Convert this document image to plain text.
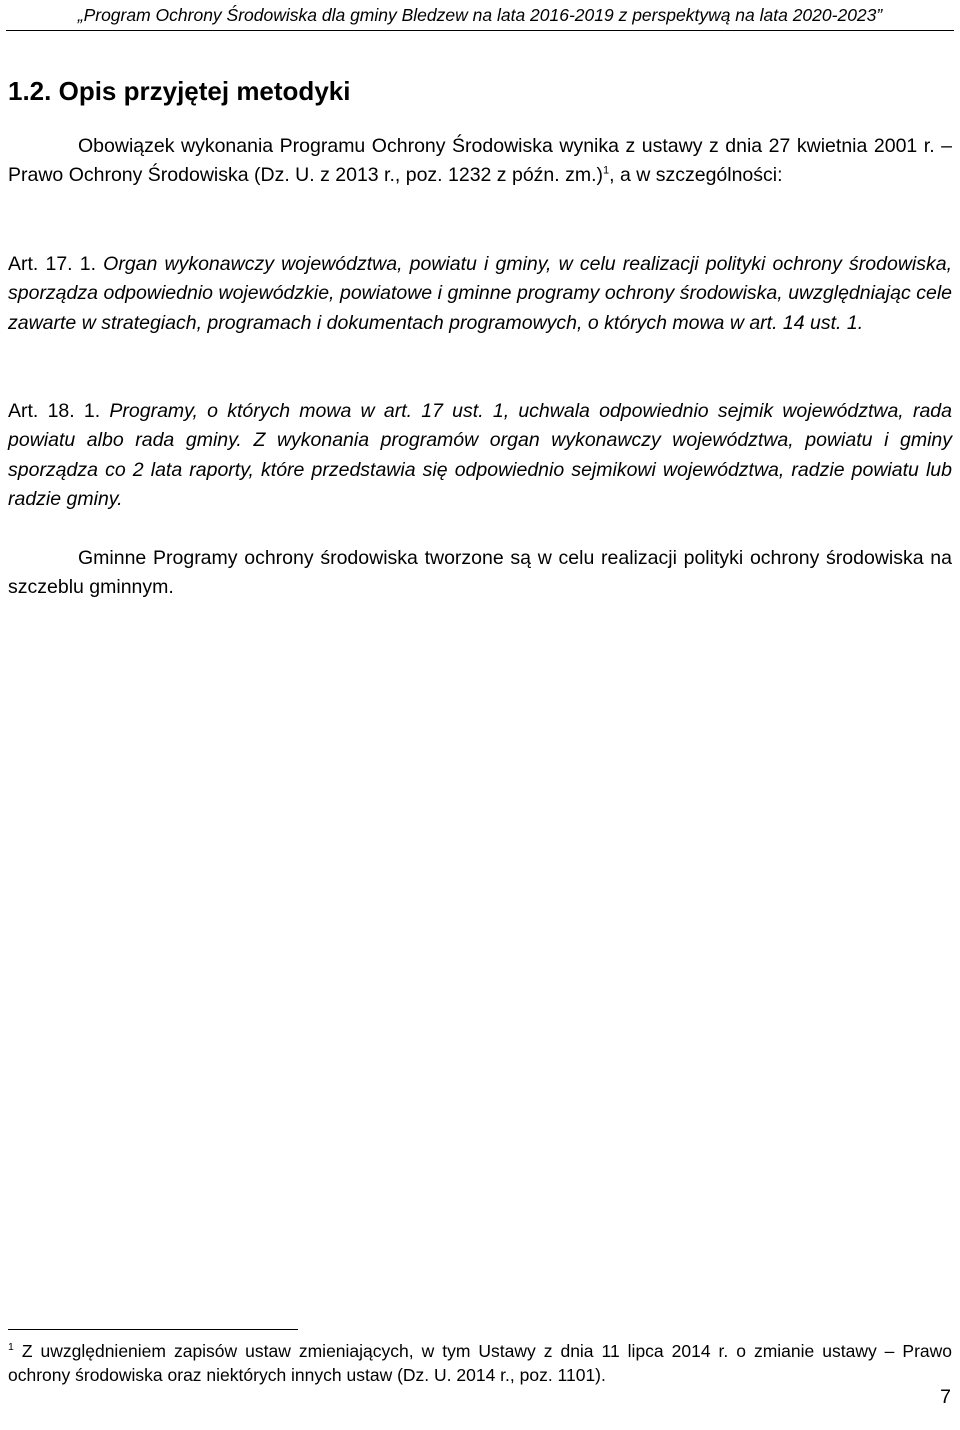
„Program Ochrony Środowiska dla gminy Bledzew na lata 2016-2019 z perspektywą na lata 2020-2023”
1.2. Opis przyjętej metodyki

Obowiązek wykonania Programu Ochrony Środowiska wynika z ustawy z dnia 27 kwietnia 2001 r. – Prawo Ochrony Środowiska (Dz. U. z 2013 r., poz. 1232 z późn. zm.)$^1$, a w szczególności:

Art. 17. 1. Organ wykonawczy województwa, powiatu i gminy, w celu realizacji polityki ochrony środowiska, sporządza odpowiednio wojewódzkie, powiatowe i gminne programy ochrony środowiska, uwzględniając cele zawarte w strategiach, programach i dokumentach programowych, o których mowa w art. 14 ust. 1.

Art. 18. 1. Programy, o których mowa w art. 17 ust. 1, uchwala odpowiednio sejmik województwa, rada powiatu albo rada gminy. Z wykonania programów organ wykonawczy województwa, powiatu i gminy sporządza co 2 lata raporty, które przedstawia się odpowiednio sejmikowi województwa, radzie powiatu lub radzie gminy.

Gminne Programy ochrony środowiska tworzone są w celu realizacji polityki ochrony środowiska na szczeblu gminnym.

$^1$ Z uwzględnieniem zapisów ustaw zmieniających, w tym Ustawy z dnia 11 lipca 2014 r. o zmianie ustawy – Prawo ochrony środowiska oraz niektórych innych ustaw (Dz. U. 2014 r., poz. 1101).

7
